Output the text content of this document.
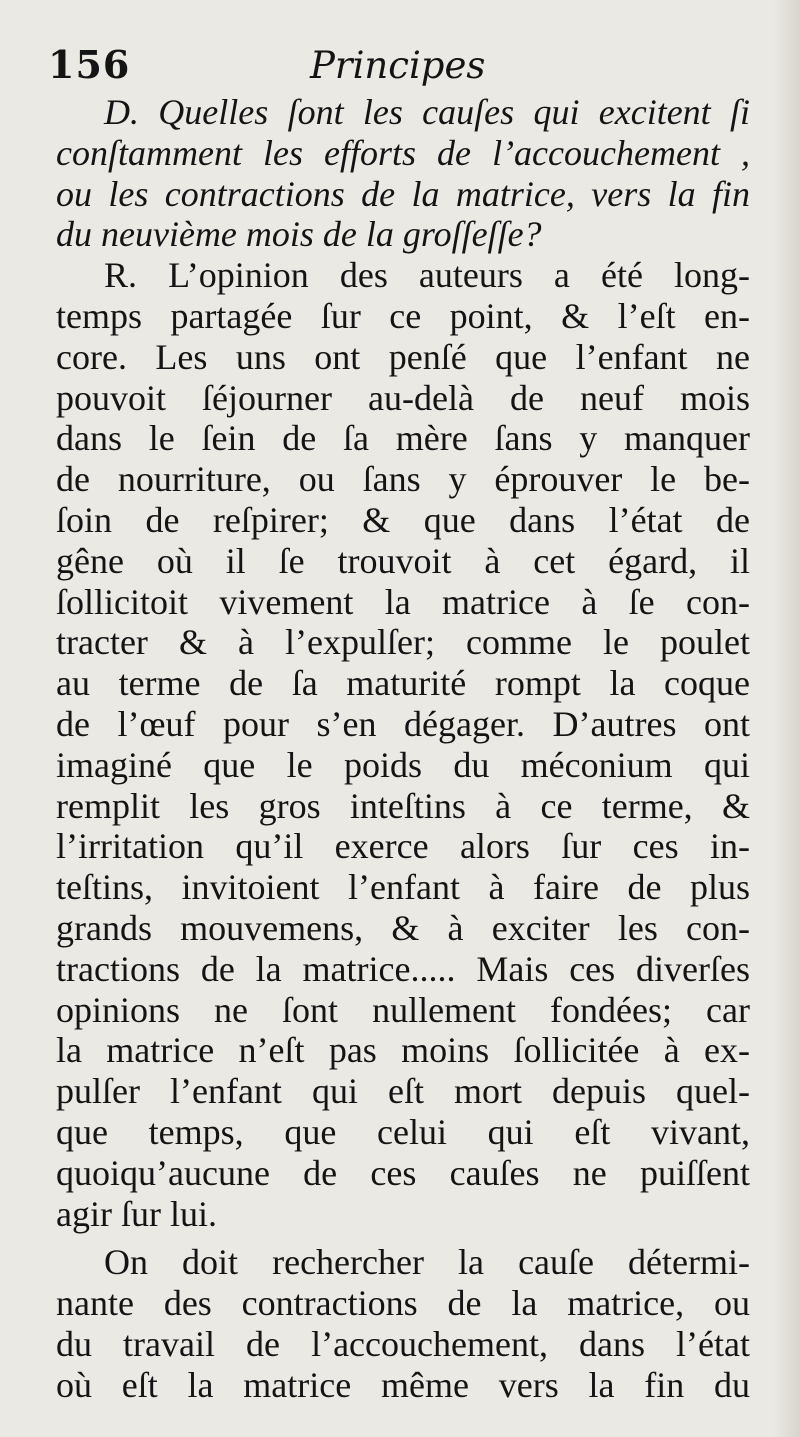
156	Principes
D. Quelles ſont les cauſes qui excitent ſi
conſtamment les efforts de l’accouchement ,
ou les contractions de la matrice, vers la fin
du neuvième mois de la groſſeſſe?
R. L’opinion des auteurs a été long-
temps partagée ſur ce point, & l’eſt en-
core. Les uns ont penſé que l’enfant ne
pouvoit ſéjourner au-delà de neuf mois
dans le ſein de ſa mère ſans y manquer
de nourriture, ou ſans y éprouver le be-
ſoin de reſpirer; & que dans l’état de
gêne où il ſe trouvoit à cet égard, il
ſollicitoit vivement la matrice à ſe con-
tracter & à l’expulſer; comme le poulet
au terme de ſa maturité rompt la coque
de l’œuf pour s’en dégager. D’autres ont
imaginé que le poids du méconium qui
remplit les gros inteſtins à ce terme, &
l’irritation qu’il exerce alors ſur ces in-
teſtins, invitoient l’enfant à faire de plus
grands mouvemens, & à exciter les con-
tractions de la matrice..... Mais ces diverſes
opinions ne ſont nullement fondées; car
la matrice n’eſt pas moins ſollicitée à ex-
pulſer l’enfant qui eſt mort depuis quel-
que temps, que celui qui eſt vivant,
quoiqu’aucune de ces cauſes ne puiſſent
agir ſur lui.
On doit rechercher la cauſe détermi-
nante des contractions de la matrice, ou
du travail de l’accouchement, dans l’état
où eſt la matrice même vers la fin du
